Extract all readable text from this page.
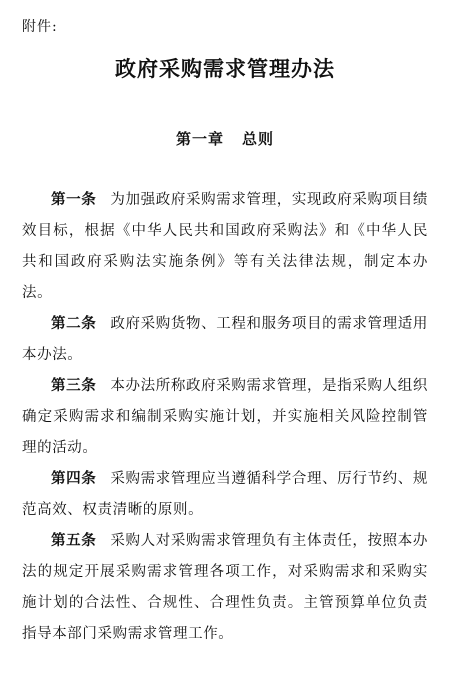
附件:
政府采购需求管理办法
第一章 总则

第一条 为加强政府采购需求管理，实现政府采购项目绩效目标，根据《中华人民共和国政府采购法》和《中华人民共和国政府采购法实施条例》等有关法律法规，制定本办法。

第二条 政府采购货物、工程和服务项目的需求管理适用本办法。

第三条 本办法所称政府采购需求管理，是指采购人组织确定采购需求和编制采购实施计划，并实施相关风险控制管理的活动。

第四条 采购需求管理应当遵循科学合理、厉行节约、规范高效、权责清晰的原则。

第五条 采购人对采购需求管理负有主体责任，按照本办法的规定开展采购需求管理各项工作，对采购需求和采购实施计划的合法性、合规性、合理性负责。主管预算单位负责指导本部门采购需求管理工作。
